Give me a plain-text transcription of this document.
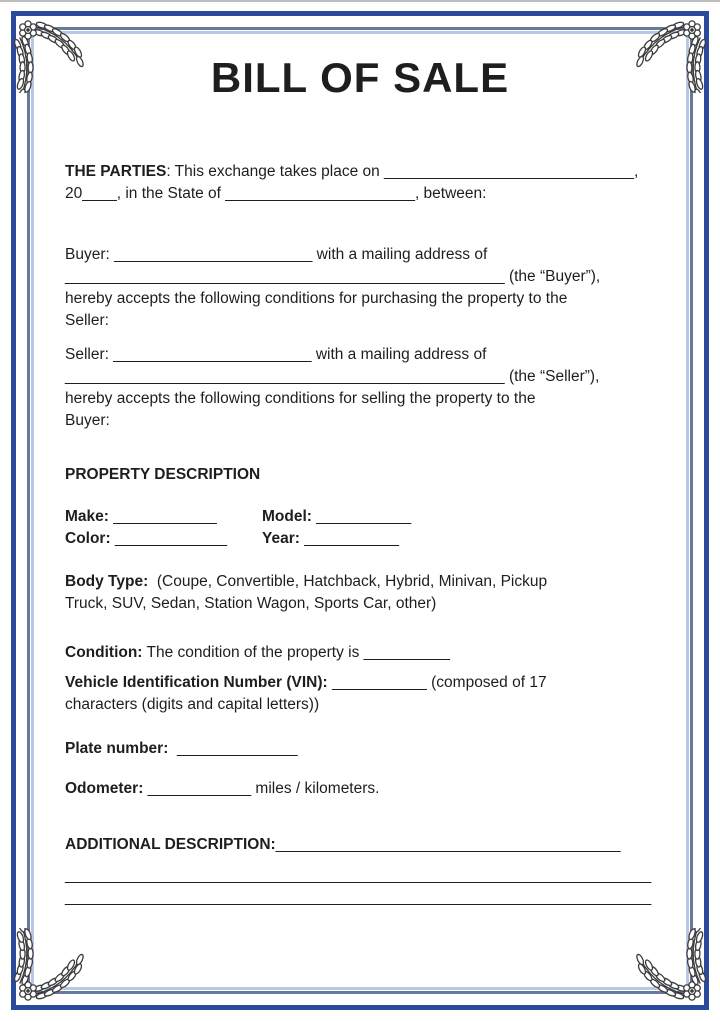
BILL OF SALE
THE PARTIES: This exchange takes place on _____________________________,
20____, in the State of ______________________, between:
Buyer: _______________________ with a mailing address of
___________________________________________________ (the “Buyer”),
hereby accepts the following conditions for purchasing the property to the
Seller:
Seller: _______________________ with a mailing address of
___________________________________________________ (the “Seller”),
hereby accepts the following conditions for selling the property to the
Buyer:
PROPERTY DESCRIPTION
Make: ____________	Model: ___________
Color: _____________ Year: ___________
Body Type:  (Coupe, Convertible, Hatchback, Hybrid, Minivan, Pickup
Truck, SUV, Sedan, Station Wagon, Sports Car, other)
Condition: The condition of the property is __________
Vehicle Identification Number (VIN): ___________ (composed of 17
characters (digits and capital letters))
Plate number:  ______________
Odometer: ____________ miles / kilometers.
ADDITIONAL DESCRIPTION:________________________________________
____________________________________________________________________
____________________________________________________________________
